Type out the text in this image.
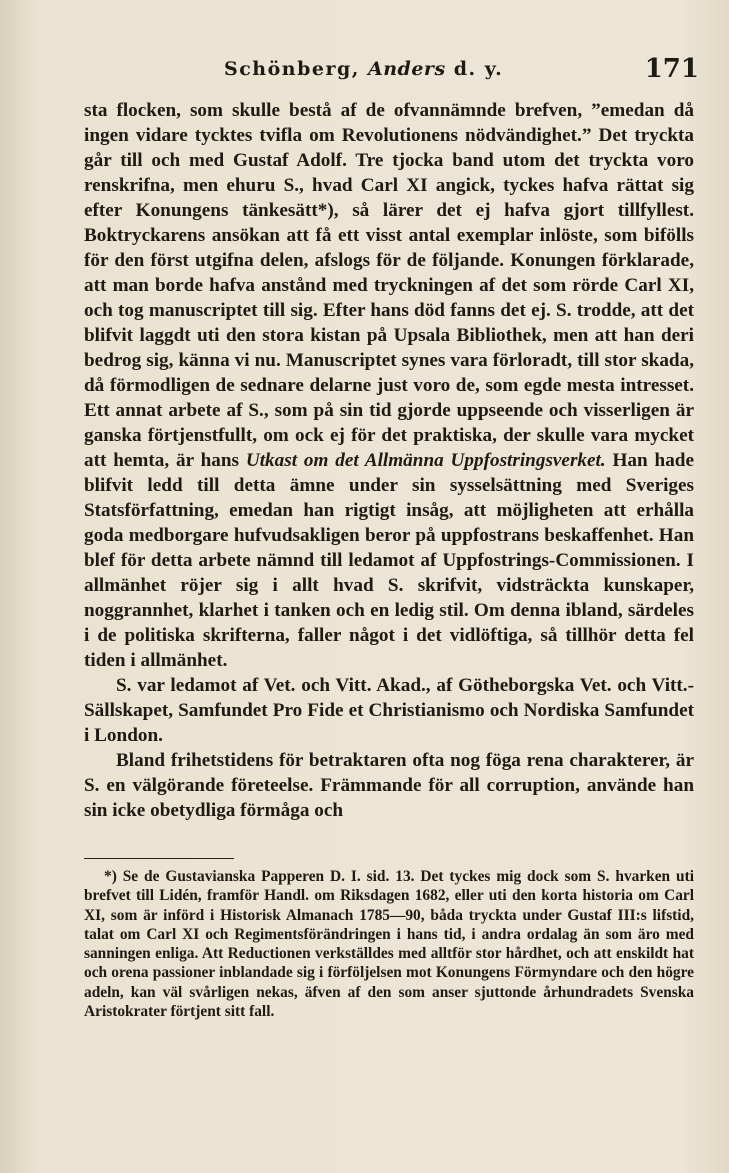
Schönberg, Anders d. y.	171

sta flocken, som skulle bestå af de ofvannämnde brefven, ”emedan då ingen vidare tycktes tvifla om Revolutionens nödvändighet.” Det tryckta går till och med Gustaf Adolf. Tre tjocka band utom det tryckta voro renskrifna, men ehuru S., hvad Carl XI angick, tyckes hafva rättat sig efter Konungens tänkesätt*), så lärer det ej hafva gjort tillfyllest. Boktryckarens ansökan att få ett visst antal exemplar inlöste, som bifölls för den först utgifna delen, afslogs för de följande. Konungen förklarade, att man borde hafva anstånd med tryckningen af det som rörde Carl XI, och tog manuscriptet till sig. Efter hans död fanns det ej. S. trodde, att det blifvit laggdt uti den stora kistan på Upsala Bibliothek, men att han deri bedrog sig, känna vi nu. Manuscriptet synes vara förloradt, till stor skada, då förmodligen de sednare delarne just voro de, som egde mesta intresset. Ett annat arbete af S., som på sin tid gjorde uppseende och visserligen är ganska förtjenstfullt, om ock ej för det praktiska, der skulle vara mycket att hemta, är hans Utkast om det Allmänna Uppfostringsverket. Han hade blifvit ledd till detta ämne under sin sysselsättning med Sveriges Statsförfattning, emedan han rigtigt insåg, att möjligheten att erhålla goda medborgare hufvudsakligen beror på uppfostrans beskaffenhet. Han blef för detta arbete nämnd till ledamot af Uppfostrings-Commissionen. I allmänhet röjer sig i allt hvad S. skrifvit, vidsträckta kunskaper, noggrannhet, klarhet i tanken och en ledig stil. Om denna ibland, särdeles i de politiska skrifterna, faller något i det vidlöftiga, så tillhör detta fel tiden i allmänhet.

S. var ledamot af Vet. och Vitt. Akad., af Götheborgska Vet. och Vitt.-Sällskapet, Samfundet Pro Fide et Christianismo och Nordiska Samfundet i London.

Bland frihetstidens för betraktaren ofta nog föga rena charakterer, är S. en välgörande företeelse. Främmande för all corruption, använde han sin icke obetydliga förmåga och

*) Se de Gustavianska Papperen D. I. sid. 13. Det tyckes mig dock som S. hvarken uti brefvet till Lidén, framför Handl. om Riksdagen 1682, eller uti den korta historia om Carl XI, som är införd i Historisk Almanach 1785—90, båda tryckta under Gustaf III:s lifstid, talat om Carl XI och Regimentsförändringen i hans tid, i andra ordalag än som äro med sanningen enliga. Att Reductionen verkställdes med alltför stor hårdhet, och att enskildt hat och orena passioner inblandade sig i förföljelsen mot Konungens Förmyndare och den högre adeln, kan väl svårligen nekas, äfven af den som anser sjuttonde århundradets Svenska Aristokrater förtjent sitt fall.
